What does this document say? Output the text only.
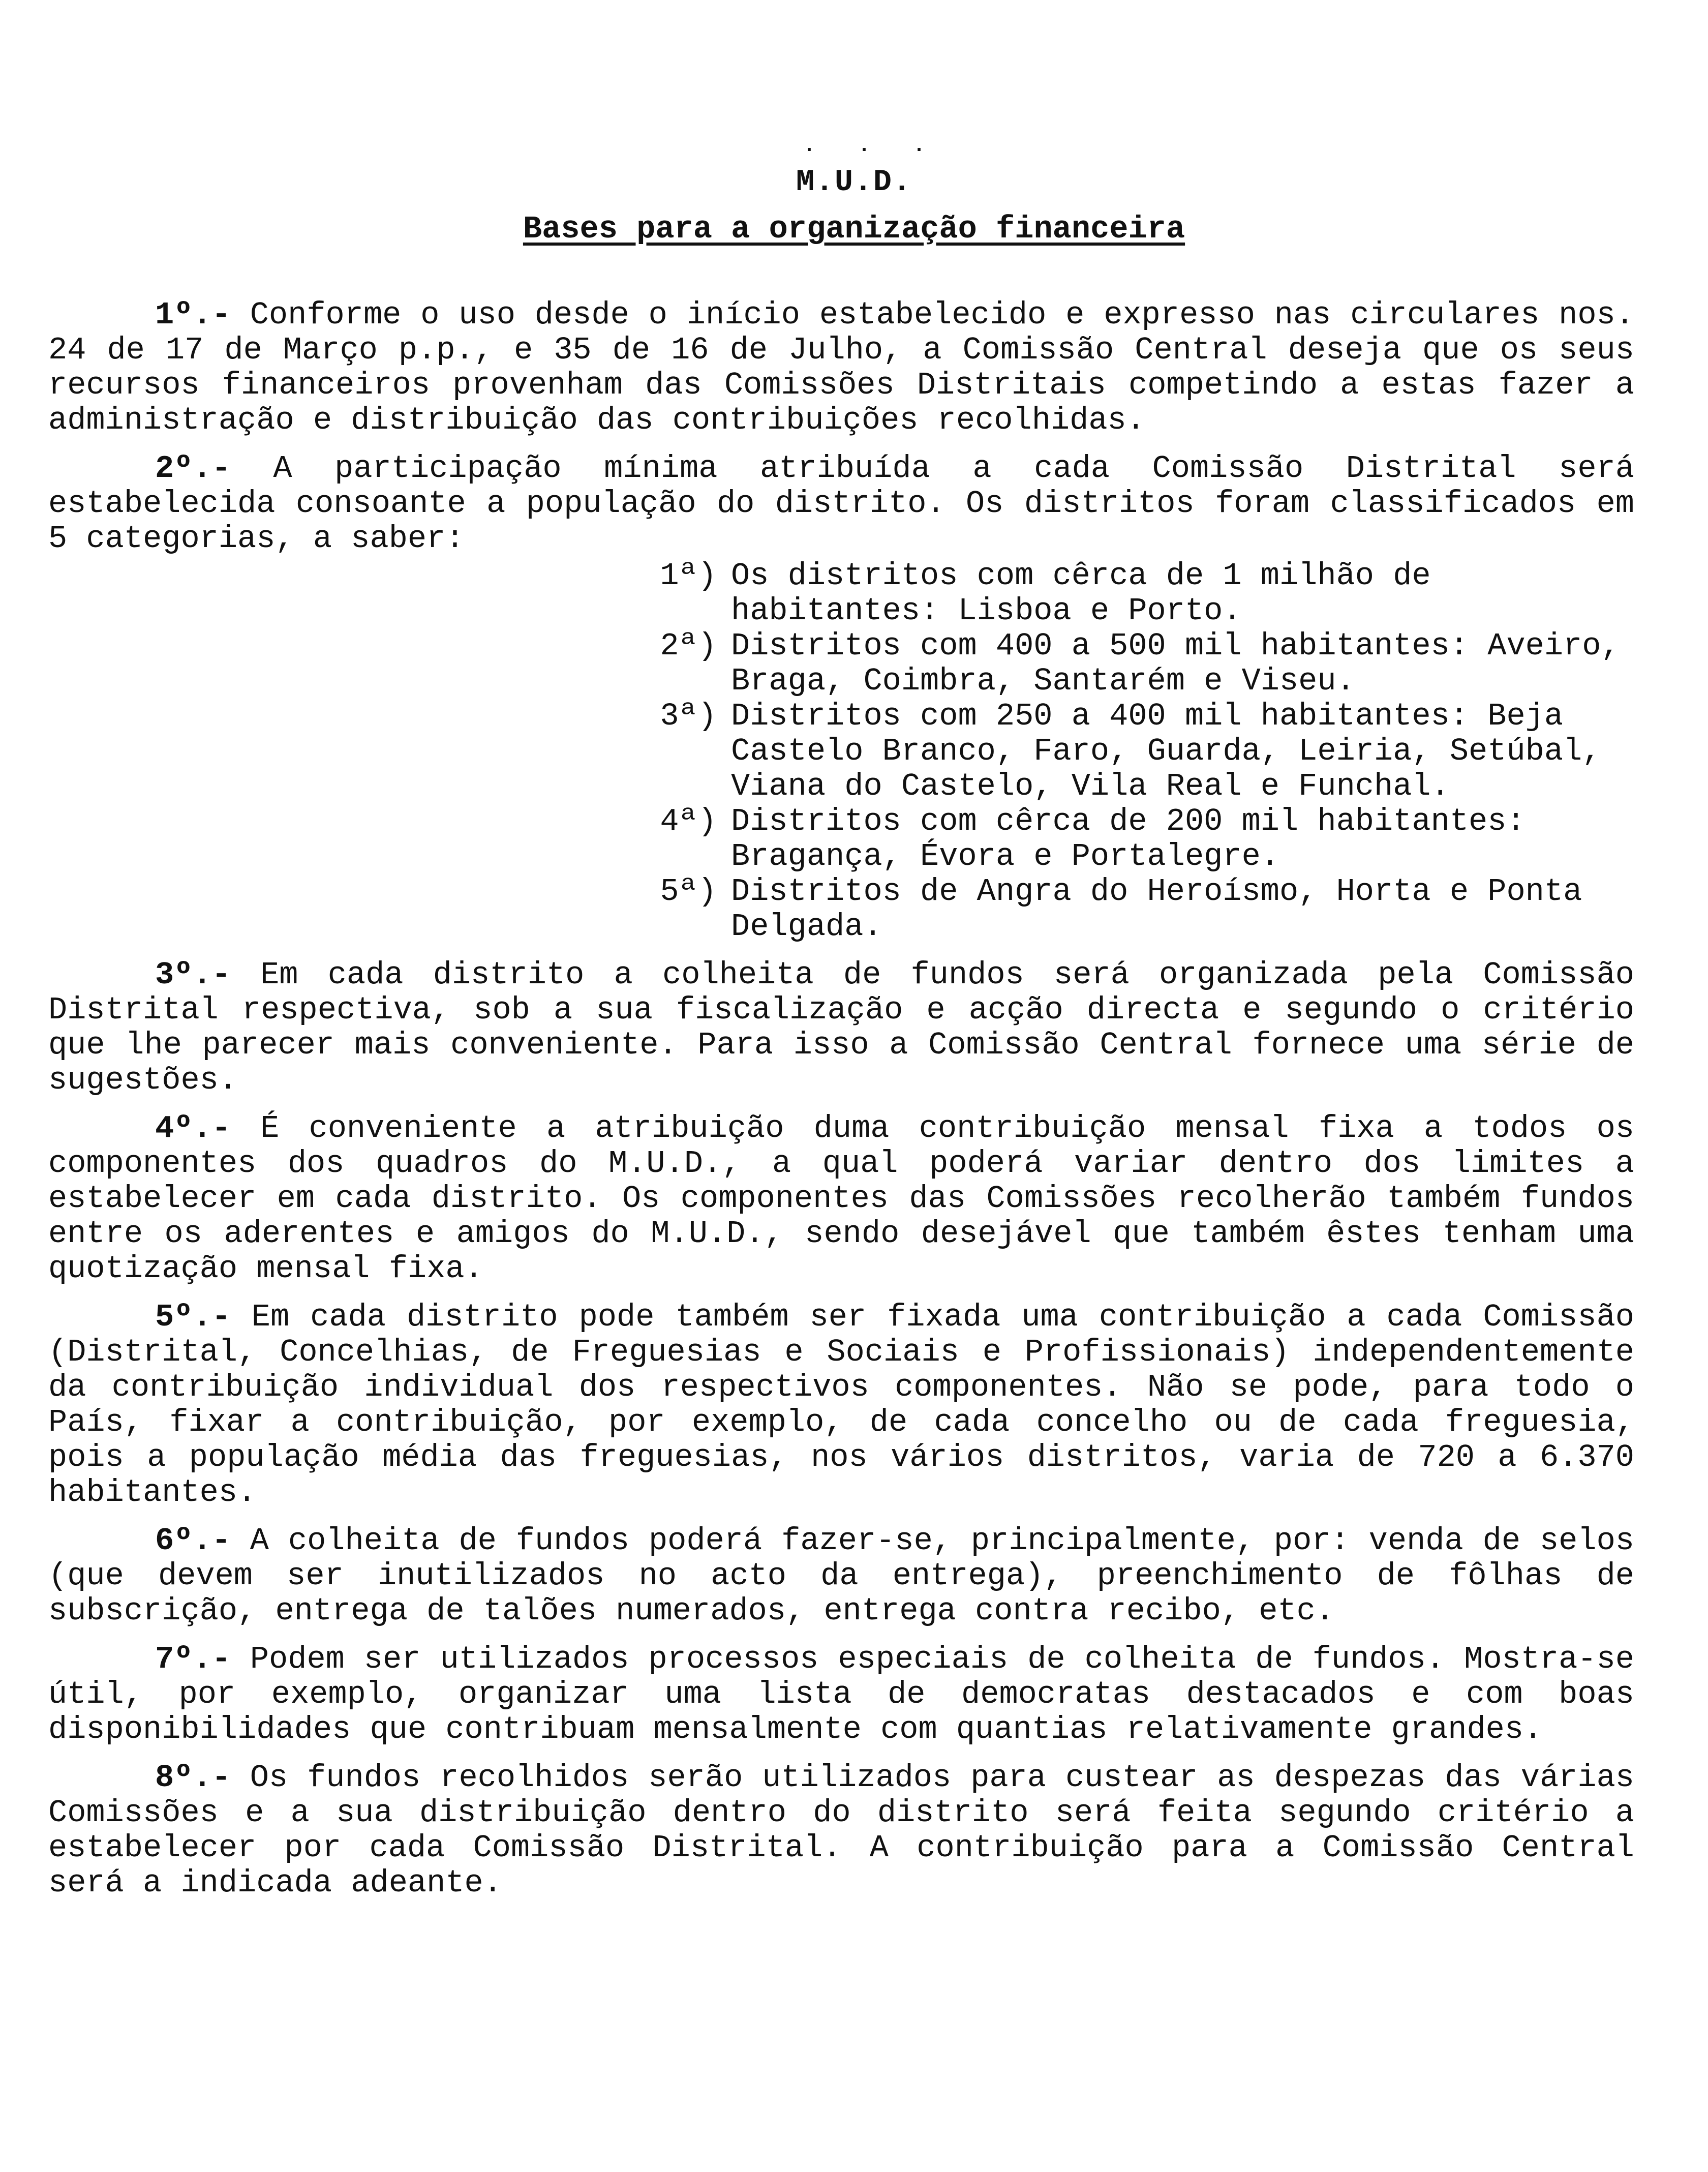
. . .
M.U.D.
Bases para a organização financeira

1º.- Conforme o uso desde o início estabelecido e expresso nas circulares nos. 24 de 17 de Março p.p., e 35 de 16 de Julho, a Comissão Central deseja que os seus recursos financeiros provenham das Comissões Distritais competindo a estas fazer a administração e distribuição das contribuições recolhidas.

2º.- A participação mínima atribuída a cada Comissão Distrital será estabelecida consoante a população do distrito. Os distritos foram classificados em 5 categorias, a saber:

1ª) Os distritos com cêrca de 1 milhão de habitantes: Lisboa e Porto.
2ª) Distritos com 400 a 500 mil habitantes: Aveiro, Braga, Coimbra, Santarém e Viseu.
3ª) Distritos com 250 a 400 mil habitantes: Beja Castelo Branco, Faro, Guarda, Leiria, Setúbal, Viana do Castelo, Vila Real e Funchal.
4ª) Distritos com cêrca de 200 mil habitantes: Bragança, Évora e Portalegre.
5ª) Distritos de Angra do Heroísmo, Horta e Ponta Delgada.

3º.- Em cada distrito a colheita de fundos será organizada pela Comissão Distrital respectiva, sob a sua fiscalização e acção directa e segundo o critério que lhe parecer mais conveniente. Para isso a Comissão Central fornece uma série de sugestões.

4º.- É conveniente a atribuição duma contribuição mensal fixa a todos os componentes dos quadros do M.U.D., a qual poderá variar dentro dos limites a estabelecer em cada distrito. Os componentes das Comissões recolherão também fundos entre os aderentes e amigos do M.U.D., sendo desejável que também êstes tenham uma quotização mensal fixa.

5º.- Em cada distrito pode também ser fixada uma contribuição a cada Comissão (Distrital, Concelhias, de Freguesias e Sociais e Profissionais) independentemente da contribuição individual dos respectivos componentes. Não se pode, para todo o País, fixar a contribuição, por exemplo, de cada concelho ou de cada freguesia, pois a população média das freguesias, nos vários distritos, varia de 720 a 6.370 habitantes.

6º.- A colheita de fundos poderá fazer-se, principalmente, por: venda de selos (que devem ser inutilizados no acto da entrega), preenchimento de fôlhas de subscrição, entrega de talões numerados, entrega contra recibo, etc.

7º.- Podem ser utilizados processos especiais de colheita de fundos. Mostra-se útil, por exemplo, organizar uma lista de democratas destacados e com boas disponibilidades que contribuam mensalmente com quantias relativamente grandes.

8º.- Os fundos recolhidos serão utilizados para custear as despezas das várias Comissões e a sua distribuição dentro do distrito será feita segundo critério a estabelecer por cada Comissão Distrital. A contribuição para a Comissão Central será a indicada adeante.
